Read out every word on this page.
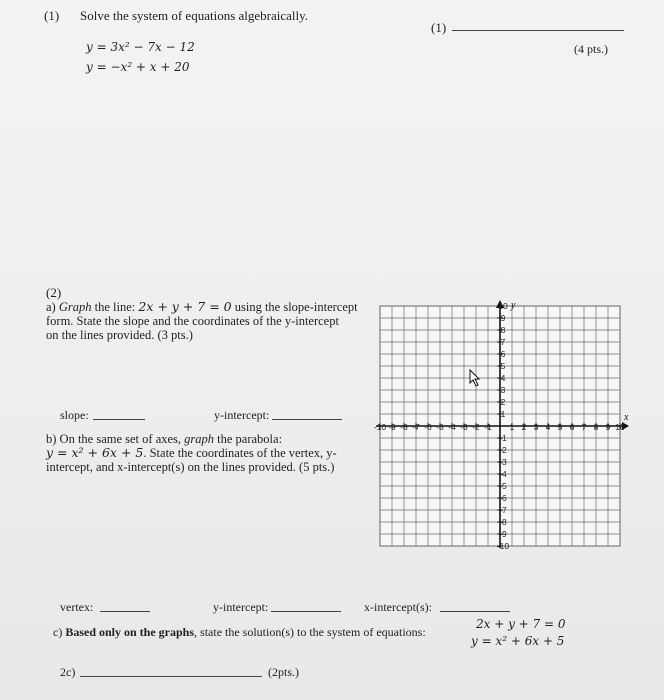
(1) Solve the system of equations algebraically.
y = 3x² − 7x − 12
y = −x² + x + 20
(1)
(4 pts.)
(2)
a) Graph the line: 2x + y + 7 = 0 using the slope-intercept
form. State the slope and the coordinates of the y-intercept
on the lines provided. (3 pts.)
slope:	y-intercept:
b) On the same set of axes, graph the parabola:
y = x² + 6x + 5. State the coordinates of the vertex, y-
intercept, and x-intercept(s) on the lines provided. (5 pts.)
-10 -9 -8 -7 -6 -5 -4 -3 -2 -1 1 2 3 4 5 6 7 8 9 10
10
9
8
7
6
5
4
3
2
1
-1
-2
-3
-4
-5
-6
-7
-8
-9
-10
x
y
vertex:	y-intercept:	x-intercept(s):
c) Based only on the graphs, state the solution(s) to the system of equations:
2x + y + 7 = 0
y = x² + 6x + 5
2c)	(2pts.)
